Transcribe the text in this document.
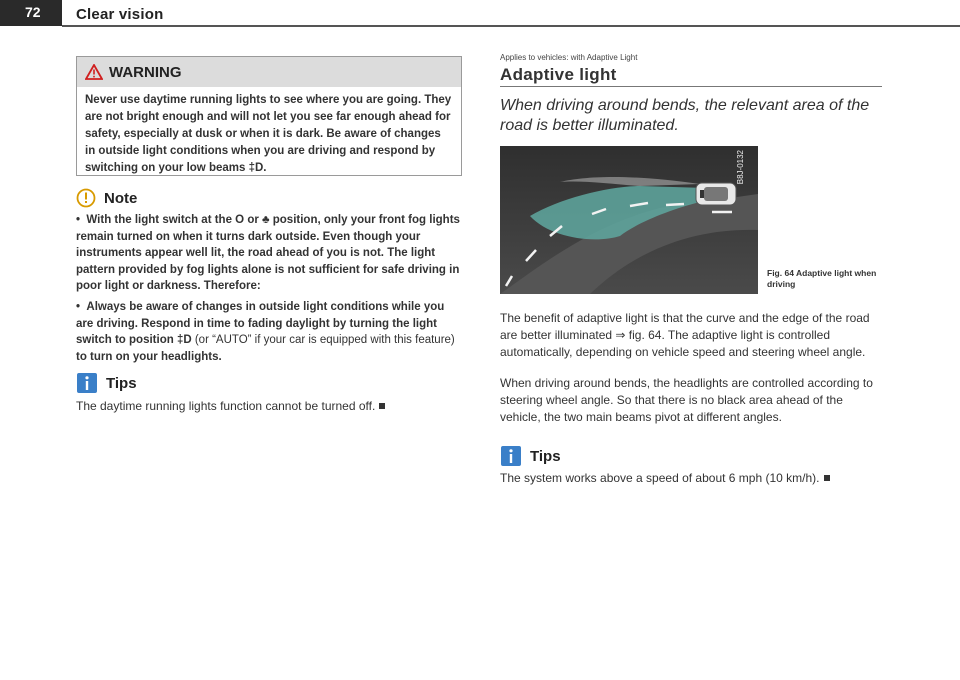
72 Clear vision
WARNING
Never use daytime running lights to see where you are going. They are not bright enough and will not let you see far enough ahead for safety, especially at dusk or when it is dark. Be aware of changes in outside light conditions when you are driving and respond by switching on your low beams ‡D.
Note

•  With the light switch at the O or ♣ position, only your front fog lights remain turned on when it turns dark outside. Even though your instruments appear well lit, the road ahead of you is not. The light pattern provided by fog lights alone is not sufficient for safe driving in poor light or darkness. Therefore:

•  Always be aware of changes in outside light conditions while you are driving. Respond in time to fading daylight by turning the light switch to position ‡D (or “AUTO” if your car is equipped with this feature) to turn on your headlights.

Tips
The daytime running lights function cannot be turned off.
Applies to vehicles: with Adaptive Light
Adaptive light
When driving around bends, the relevant area of the road is better illuminated.
B8J-0132
Fig. 64 Adaptive light when driving
The benefit of adaptive light is that the curve and the edge of the road are better illuminated ⇒ fig. 64. The adaptive light is controlled automatically, depending on vehicle speed and steering wheel angle.
When driving around bends, the headlights are controlled according to steering wheel angle. So that there is no black area ahead of the vehicle, the two main beams pivot at different angles.
Tips
The system works above a speed of about 6 mph (10 km/h).
